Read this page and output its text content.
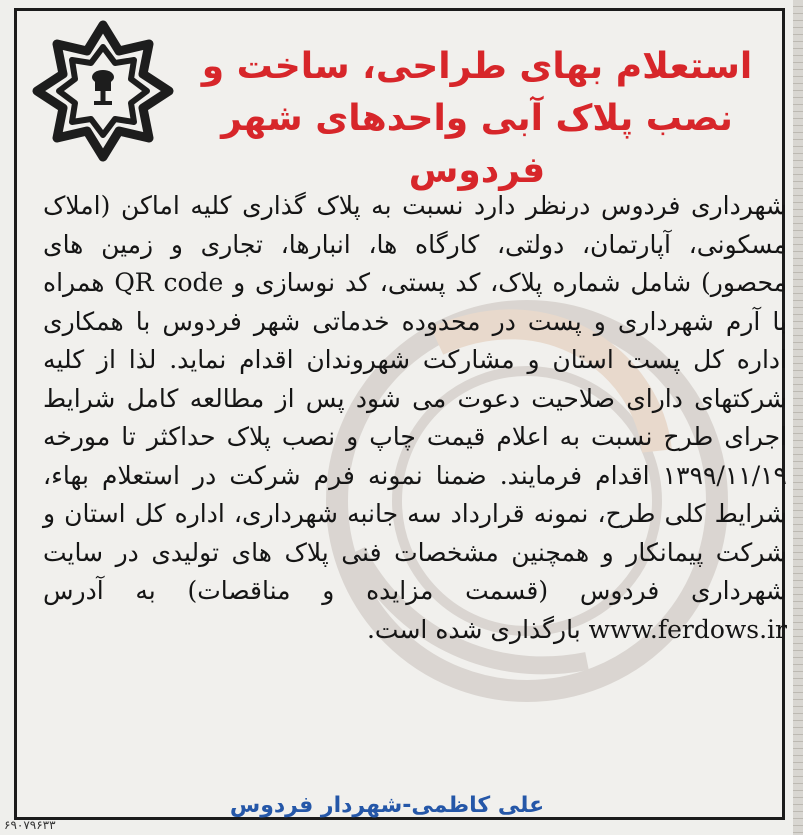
استعلام بهای طراحی، ساخت و نصب پلاک آبی واحدهای شهر فردوس
شهرداری فردوس درنظر دارد نسبت به پلاک گذاری کلیه اماکن (املاک مسکونی، آپارتمان، دولتی، کارگاه ها، انبارها، تجاری و زمین های محصور) شامل شماره پلاک، کد پستی، کد نوسازی و QR code همراه با آرم شهرداری و پست در محدوده خدماتی شهر فردوس با همکاری اداره کل پست استان و مشارکت شهروندان اقدام نماید. لذا از کلیه شرکتهای دارای صلاحیت دعوت می شود پس از مطالعه کامل شرایط اجرای طرح نسبت به اعلام قیمت چاپ و نصب پلاک حداکثر تا مورخه ۱۳۹۹/۱۱/۱۹ اقدام فرمایند. ضمنا نمونه فرم شرکت در استعلام بهاء، شرایط کلی طرح، نمونه قرارداد سه جانبه شهرداری، اداره کل استان و شرکت پیمانکار و همچنین مشخصات فنی پلاک های تولیدی در سایت شهرداری فردوس (قسمت مزایده و مناقصات) به آدرس www.ferdows.ir بارگذاری شده است.
علی کاظمی-شهردار فردوس
۶۹۰۷۹۶۳۳
